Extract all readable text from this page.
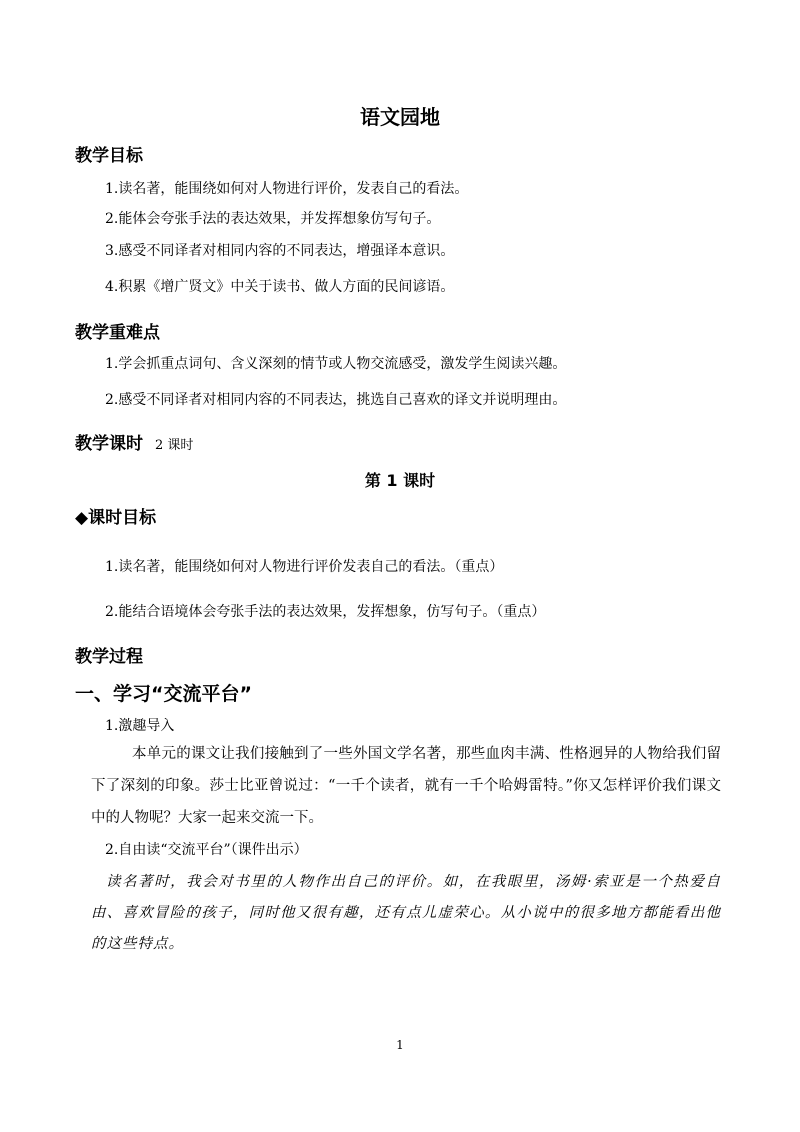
语文园地
教学目标
1.读名著，能围绕如何对人物进行评价，发表自己的看法。
2.能体会夸张手法的表达效果，并发挥想象仿写句子。
3.感受不同译者对相同内容的不同表达，增强译本意识。
4.积累《增广贤文》中关于读书、做人方面的民间谚语。
教学重难点
1.学会抓重点词句、含义深刻的情节或人物交流感受，激发学生阅读兴趣。
2.感受不同译者对相同内容的不同表达，挑选自己喜欢的译文并说明理由。
教学课时 2 课时
第 1 课时
◆课时目标
1.读名著，能围绕如何对人物进行评价发表自己的看法。（重点）
2.能结合语境体会夸张手法的表达效果，发挥想象，仿写句子。（重点）
教学过程
一、学习“交流平台”
1.激趣导入
本单元的课文让我们接触到了一些外国文学名著，那些血肉丰满、性格迥异的人物给我们留下了深刻的印象。莎士比亚曾说过：“一千个读者，就有一千个哈姆雷特。”你又怎样评价我们课文中的人物呢？大家一起来交流一下。
2.自由读“交流平台”（课件出示）
读名著时，我会对书里的人物作出自己的评价。如，在我眼里，汤姆·索亚是一个热爱自由、喜欢冒险的孩子，同时他又很有趣，还有点儿虚荣心。从小说中的很多地方都能看出他的这些特点。
1
